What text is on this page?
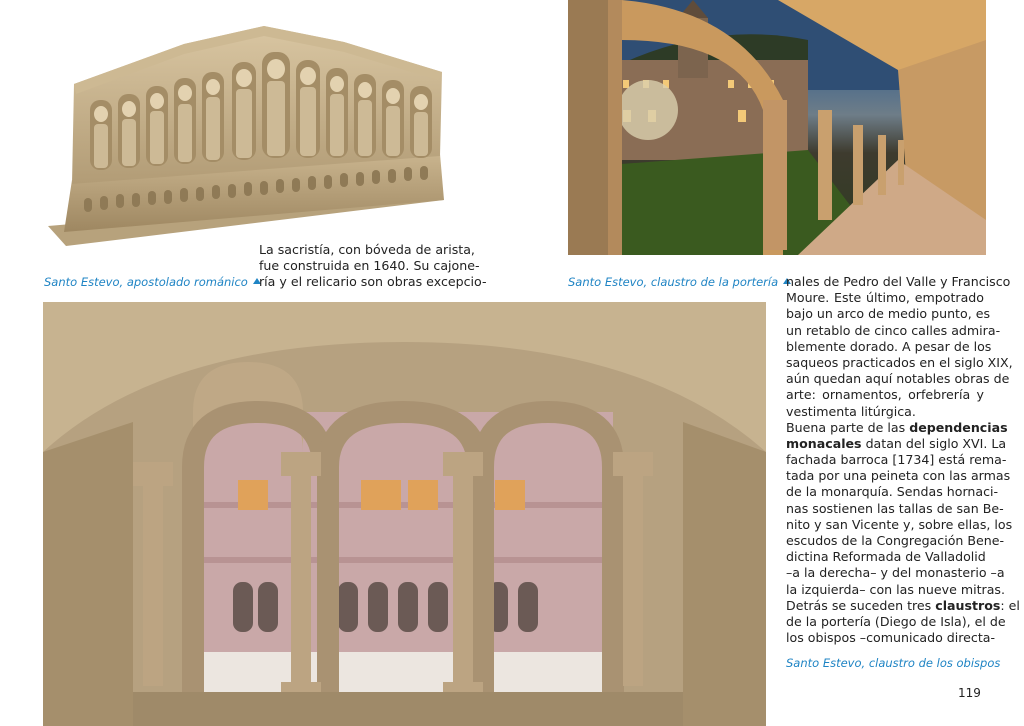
Santo Estevo, apostolado románico	Santo Estevo, claustro de la portería
Santo Estevo, claustro de los obispos
La sacristía, con bóveda de arista,
fue construida en 1640. Su cajone-
ría y el relicario son obras excepcio-	nales de Pedro del Valle y Francisco
Moure. Este último, empotrado
bajo un arco de medio punto, es
un retablo de cinco calles admira-
blemente dorado. A pesar de los
saqueos practicados en el siglo XIX,
aún quedan aquí notables obras de
arte: ornamentos, orfebrería y
vestimenta litúrgica.
Buena parte de las dependencias
monacales datan del siglo XVI. La
fachada barroca [1734] está rema-
tada por una peineta con las armas
de la monarquía. Sendas hornaci-
nas sostienen las tallas de san Be-
nito y san Vicente y, sobre ellas, los
escudos de la Congregación Bene-
dictina Reformada de Valladolid
–a la derecha– y del monasterio –a
la izquierda– con las nueve mitras.
Detrás se suceden tres claustros: el
de la portería (Diego de Isla), el de
los obispos –comunicado directa-
119
